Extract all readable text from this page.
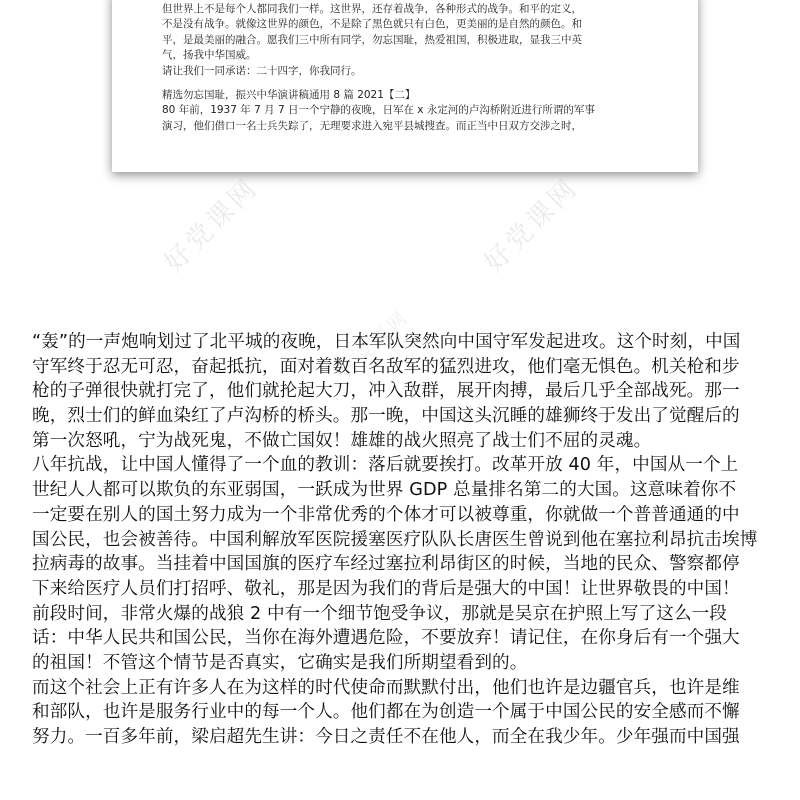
但世界上不是每个人都同我们一样。这世界，还存着战争，各种形式的战争。和平的定义，
不是没有战争。就像这世界的颜色，不是除了黑色就只有白色，更美丽的是自然的颜色。和
平，是最美丽的融合。愿我们三中所有同学，勿忘国耻，热爱祖国，积极进取，显我三中英
气，扬我中华国威。
请让我们一同承诺：二十四字，你我同行。
精选勿忘国耻，振兴中华演讲稿通用 8 篇 2021【二】
80 年前，1937 年 7 月 7 日一个宁静的夜晚，日军在 x 永定河的卢沟桥附近进行所谓的军事
演习，他们借口一名士兵失踪了，无理要求进入宛平县城搜查。而正当中日双方交涉之时，
好党课网	好党课网
好党课网
“轰”的一声炮响划过了北平城的夜晚，日本军队突然向中国守军发起进攻。这个时刻，中国
守军终于忍无可忍，奋起抵抗，面对着数百名敌军的猛烈进攻，他们毫无惧色。机关枪和步
枪的子弹很快就打完了，他们就抡起大刀，冲入敌群，展开肉搏，最后几乎全部战死。那一
晚，烈士们的鲜血染红了卢沟桥的桥头。那一晚，中国这头沉睡的雄狮终于发出了觉醒后的
第一次怒吼，宁为战死鬼，不做亡国奴！雄雄的战火照亮了战士们不屈的灵魂。
八年抗战，让中国人懂得了一个血的教训：落后就要挨打。改革开放 40 年，中国从一个上
世纪人人都可以欺负的东亚弱国，一跃成为世界 GDP 总量排名第二的大国。这意味着你不
一定要在别人的国土努力成为一个非常优秀的个体才可以被尊重，你就做一个普普通通的中
国公民，也会被善待。中国利解放军医院援塞医疗队队长唐医生曾说到他在塞拉利昂抗击埃博
拉病毒的故事。当挂着中国国旗的医疗车经过塞拉利昂街区的时候，当地的民众、警察都停
下来给医疗人员们打招呼、敬礼，那是因为我们的背后是强大的中国！让世界敬畏的中国！
前段时间，非常火爆的战狼 2 中有一个细节饱受争议，那就是吴京在护照上写了这么一段
话：中华人民共和国公民，当你在海外遭遇危险，不要放弃！请记住，在你身后有一个强大
的祖国！不管这个情节是否真实，它确实是我们所期望看到的。
而这个社会上正有许多人在为这样的时代使命而默默付出，他们也许是边疆官兵，也许是维
和部队，也许是服务行业中的每一个人。他们都在为创造一个属于中国公民的安全感而不懈
努力。一百多年前，梁启超先生讲：今日之责任不在他人，而全在我少年。少年强而中国强
